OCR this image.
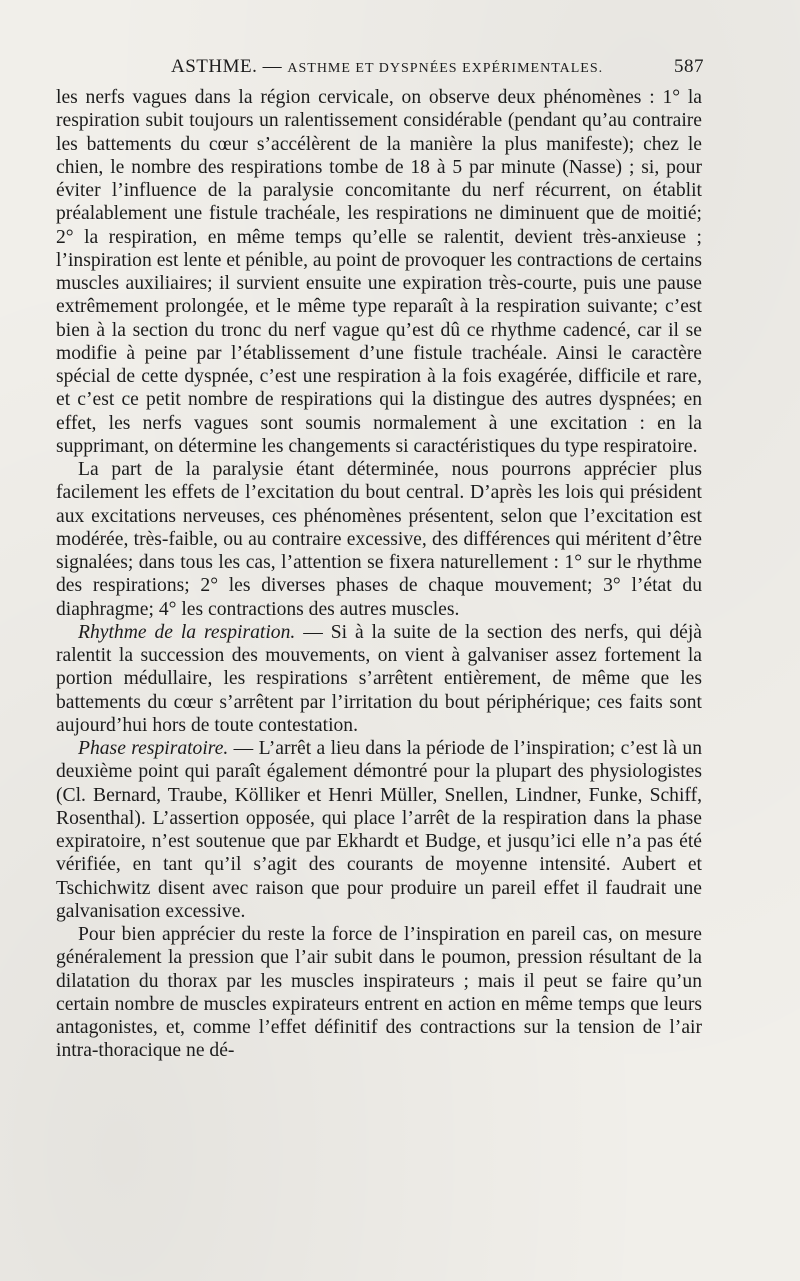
ASTHME. — ASTHME ET DYSPNÉES EXPÉRIMENTALES.	587

les nerfs vagues dans la région cervicale, on observe deux phénomènes : 1° la respiration subit toujours un ralentissement considérable (pendant qu’au contraire les battements du cœur s’accélèrent de la manière la plus manifeste); chez le chien, le nombre des respirations tombe de 18 à 5 par minute (Nasse) ; si, pour éviter l’influence de la paralysie concomitante du nerf récurrent, on établit préalablement une fistule trachéale, les respirations ne diminuent que de moitié; 2° la respiration, en même temps qu’elle se ralentit, devient très-anxieuse ; l’inspiration est lente et pénible, au point de provoquer les contractions de certains muscles auxiliaires; il survient ensuite une expiration très-courte, puis une pause extrêmement prolongée, et le même type reparaît à la respiration suivante; c’est bien à la section du tronc du nerf vague qu’est dû ce rhythme cadencé, car il se modifie à peine par l’établissement d’une fistule trachéale. Ainsi le caractère spécial de cette dyspnée, c’est une respiration à la fois exagérée, difficile et rare, et c’est ce petit nombre de respirations qui la distingue des autres dyspnées; en effet, les nerfs vagues sont soumis normalement à une excitation : en la supprimant, on détermine les changements si caractéristiques du type respiratoire.

La part de la paralysie étant déterminée, nous pourrons apprécier plus facilement les effets de l’excitation du bout central. D’après les lois qui président aux excitations nerveuses, ces phénomènes présentent, selon que l’excitation est modérée, très-faible, ou au contraire excessive, des différences qui méritent d’être signalées; dans tous les cas, l’attention se fixera naturellement : 1° sur le rhythme des respirations; 2° les diverses phases de chaque mouvement; 3° l’état du diaphragme; 4° les contractions des autres muscles.

Rhythme de la respiration. — Si à la suite de la section des nerfs, qui déjà ralentit la succession des mouvements, on vient à galvaniser assez fortement la portion médullaire, les respirations s’arrêtent entièrement, de même que les battements du cœur s’arrêtent par l’irritation du bout périphérique; ces faits sont aujourd’hui hors de toute contestation.

Phase respiratoire. — L’arrêt a lieu dans la période de l’inspiration; c’est là un deuxième point qui paraît également démontré pour la plupart des physiologistes (Cl. Bernard, Traube, Kölliker et Henri Müller, Snellen, Lindner, Funke, Schiff, Rosenthal). L’assertion opposée, qui place l’arrêt de la respiration dans la phase expiratoire, n’est soutenue que par Ekhardt et Budge, et jusqu’ici elle n’a pas été vérifiée, en tant qu’il s’agit des courants de moyenne intensité. Aubert et Tschichwitz disent avec raison que pour produire un pareil effet il faudrait une galvanisation excessive.

Pour bien apprécier du reste la force de l’inspiration en pareil cas, on mesure généralement la pression que l’air subit dans le poumon, pression résultant de la dilatation du thorax par les muscles inspirateurs ; mais il peut se faire qu’un certain nombre de muscles expirateurs entrent en action en même temps que leurs antagonistes, et, comme l’effet définitif des contractions sur la tension de l’air intra-thoracique ne dé-
